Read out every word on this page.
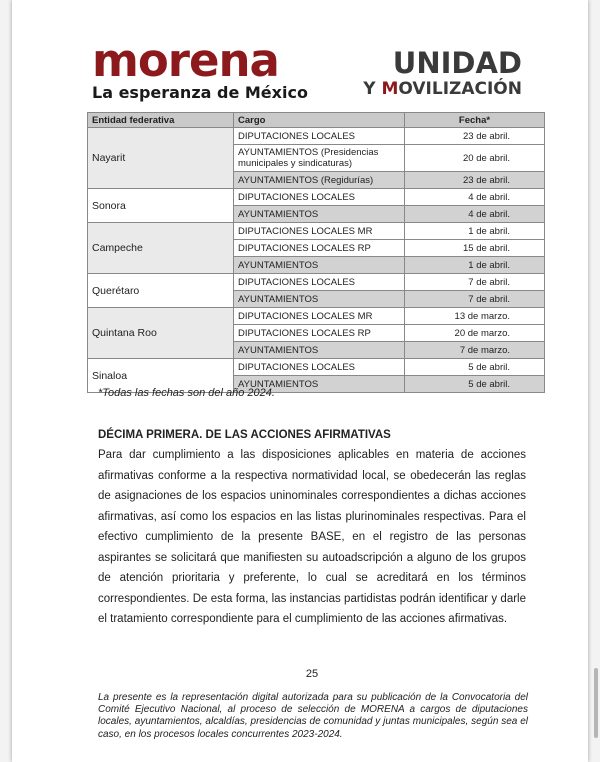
morena
La esperanza de México
UNIDAD
Y MOVILIZACIÓN
Entidad federativa	Cargo	Fecha*
Nayarit	DIPUTACIONES LOCALES	23 de abril.
	AYUNTAMIENTOS (Presidencias municipales y sindicaturas)	20 de abril.
	AYUNTAMIENTOS (Regidurías)	23 de abril.
Sonora	DIPUTACIONES LOCALES	4 de abril.
	AYUNTAMIENTOS	4 de abril.
Campeche	DIPUTACIONES LOCALES MR	1 de abril.
	DIPUTACIONES LOCALES RP	15 de abril.
	AYUNTAMIENTOS	1 de abril.
Querétaro	DIPUTACIONES LOCALES	7 de abril.
	AYUNTAMIENTOS	7 de abril.
Quintana Roo	DIPUTACIONES LOCALES MR	13 de marzo.
	DIPUTACIONES LOCALES RP	20 de marzo.
	AYUNTAMIENTOS	7 de marzo.
Sinaloa	DIPUTACIONES LOCALES	5 de abril.
	AYUNTAMIENTOS	5 de abril.
*Todas las fechas son del año 2024.
DÉCIMA PRIMERA. DE LAS ACCIONES AFIRMATIVAS
Para dar cumplimiento a las disposiciones aplicables en materia de acciones afirmativas conforme a la respectiva normatividad local, se obedecerán las reglas de asignaciones de los espacios uninominales correspondientes a dichas acciones afirmativas, así como los espacios en las listas plurinominales respectivas. Para el efectivo cumplimiento de la presente BASE, en el registro de las personas aspirantes se solicitará que manifiesten su autoadscripción a alguno de los grupos de atención prioritaria y preferente, lo cual se acreditará en los términos correspondientes. De esta forma, las instancias partidistas podrán identificar y darle el tratamiento correspondiente para el cumplimiento de las acciones afirmativas.
25
La presente es la representación digital autorizada para su publicación de la Convocatoria del Comité Ejecutivo Nacional, al proceso de selección de MORENA a cargos de diputaciones locales, ayuntamientos, alcaldías, presidencias de comunidad y juntas municipales, según sea el caso, en los procesos locales concurrentes 2023-2024.
